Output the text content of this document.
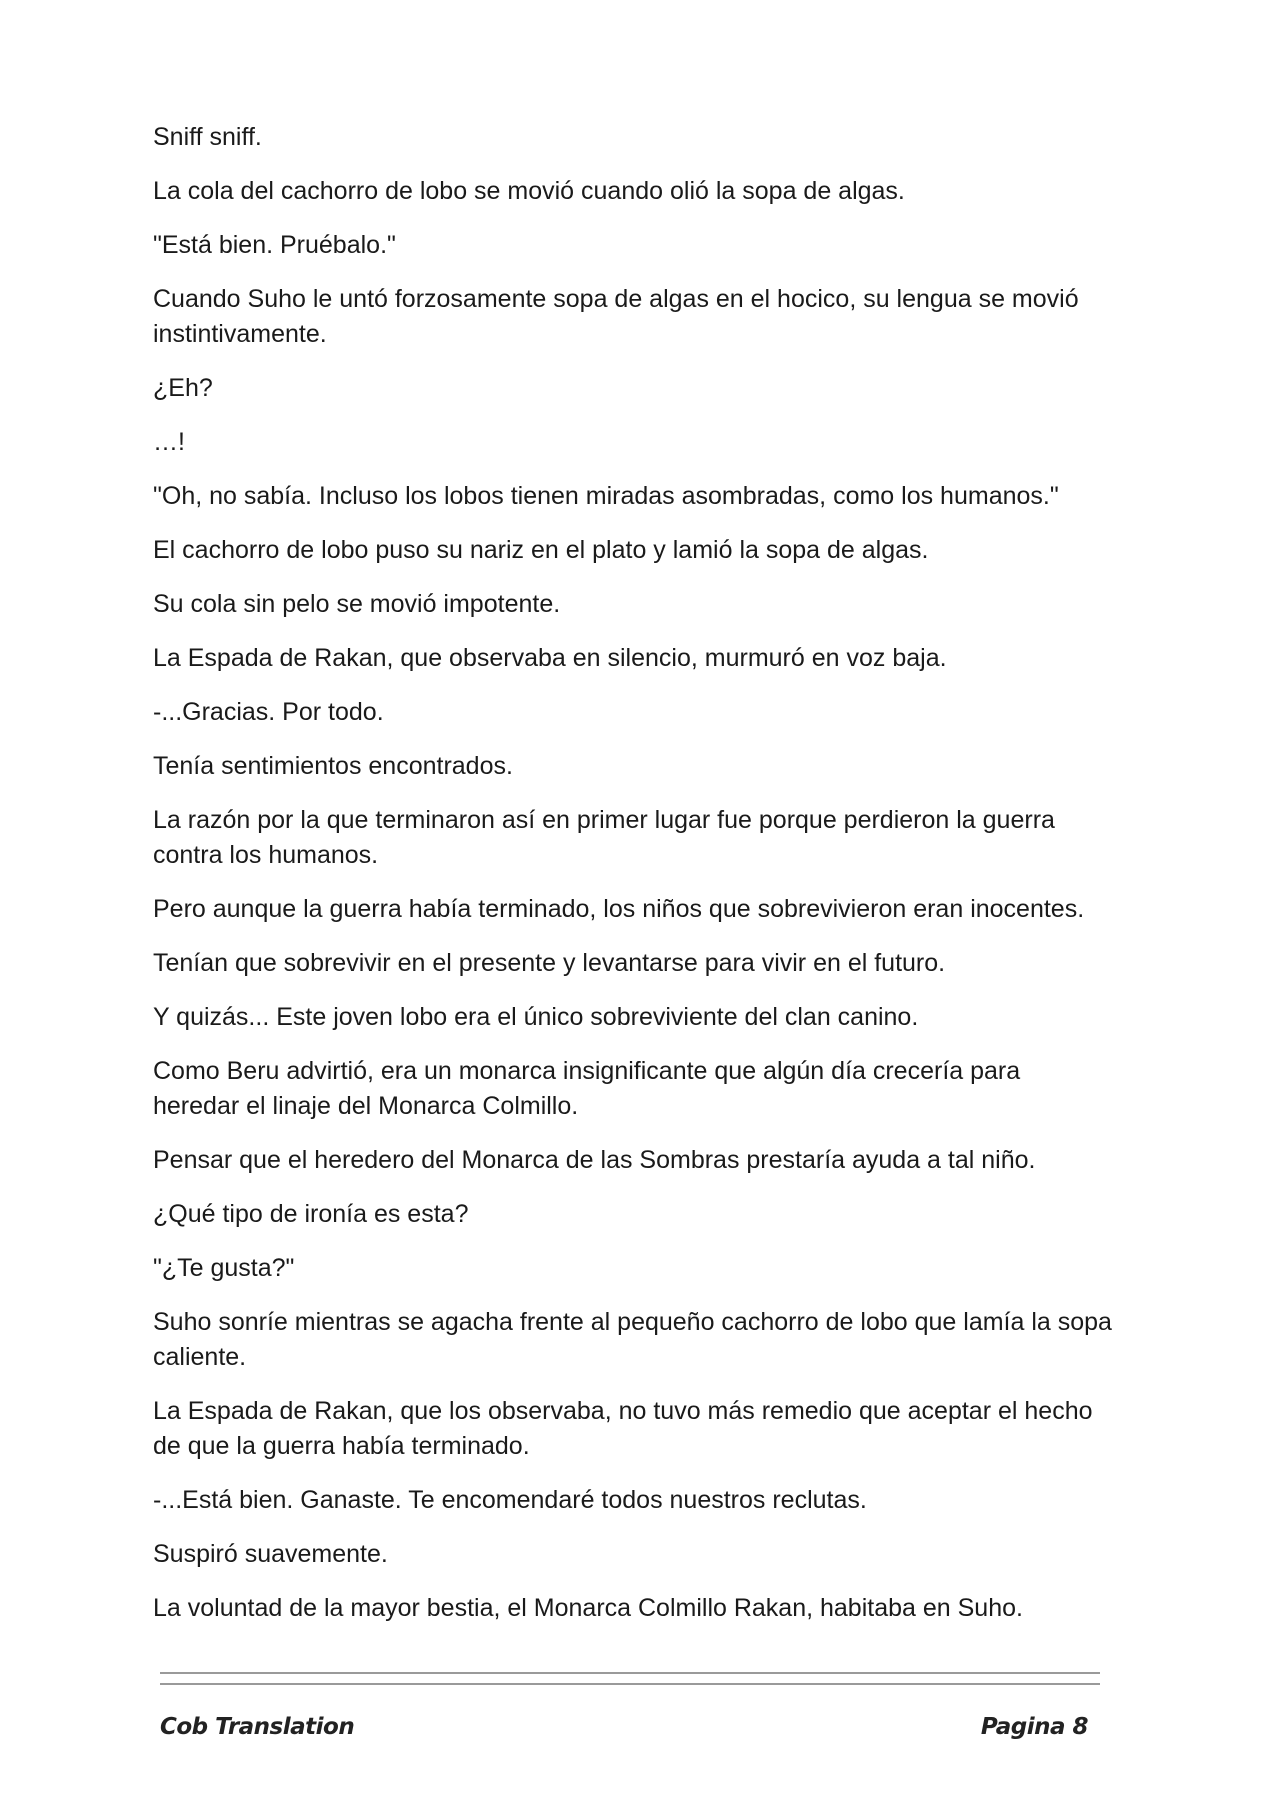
Sniff sniff.

La cola del cachorro de lobo se movió cuando olió la sopa de algas.

"Está bien. Pruébalo."

Cuando Suho le untó forzosamente sopa de algas en el hocico, su lengua se movió instintivamente.

¿Eh?

…!

"Oh, no sabía. Incluso los lobos tienen miradas asombradas, como los humanos."

El cachorro de lobo puso su nariz en el plato y lamió la sopa de algas.

Su cola sin pelo se movió impotente.

La Espada de Rakan, que observaba en silencio, murmuró en voz baja.

-...Gracias. Por todo.

Tenía sentimientos encontrados.

La razón por la que terminaron así en primer lugar fue porque perdieron la guerra contra los humanos.

Pero aunque la guerra había terminado, los niños que sobrevivieron eran inocentes.

Tenían que sobrevivir en el presente y levantarse para vivir en el futuro.

Y quizás... Este joven lobo era el único sobreviviente del clan canino.

Como Beru advirtió, era un monarca insignificante que algún día crecería para heredar el linaje del Monarca Colmillo.

Pensar que el heredero del Monarca de las Sombras prestaría ayuda a tal niño.

¿Qué tipo de ironía es esta?

"¿Te gusta?"

Suho sonríe mientras se agacha frente al pequeño cachorro de lobo que lamía la sopa caliente.

La Espada de Rakan, que los observaba, no tuvo más remedio que aceptar el hecho de que la guerra había terminado.

-...Está bien. Ganaste. Te encomendaré todos nuestros reclutas.

Suspiró suavemente.

La voluntad de la mayor bestia, el Monarca Colmillo Rakan, habitaba en Suho.

Cob Translation	Pagina 8
